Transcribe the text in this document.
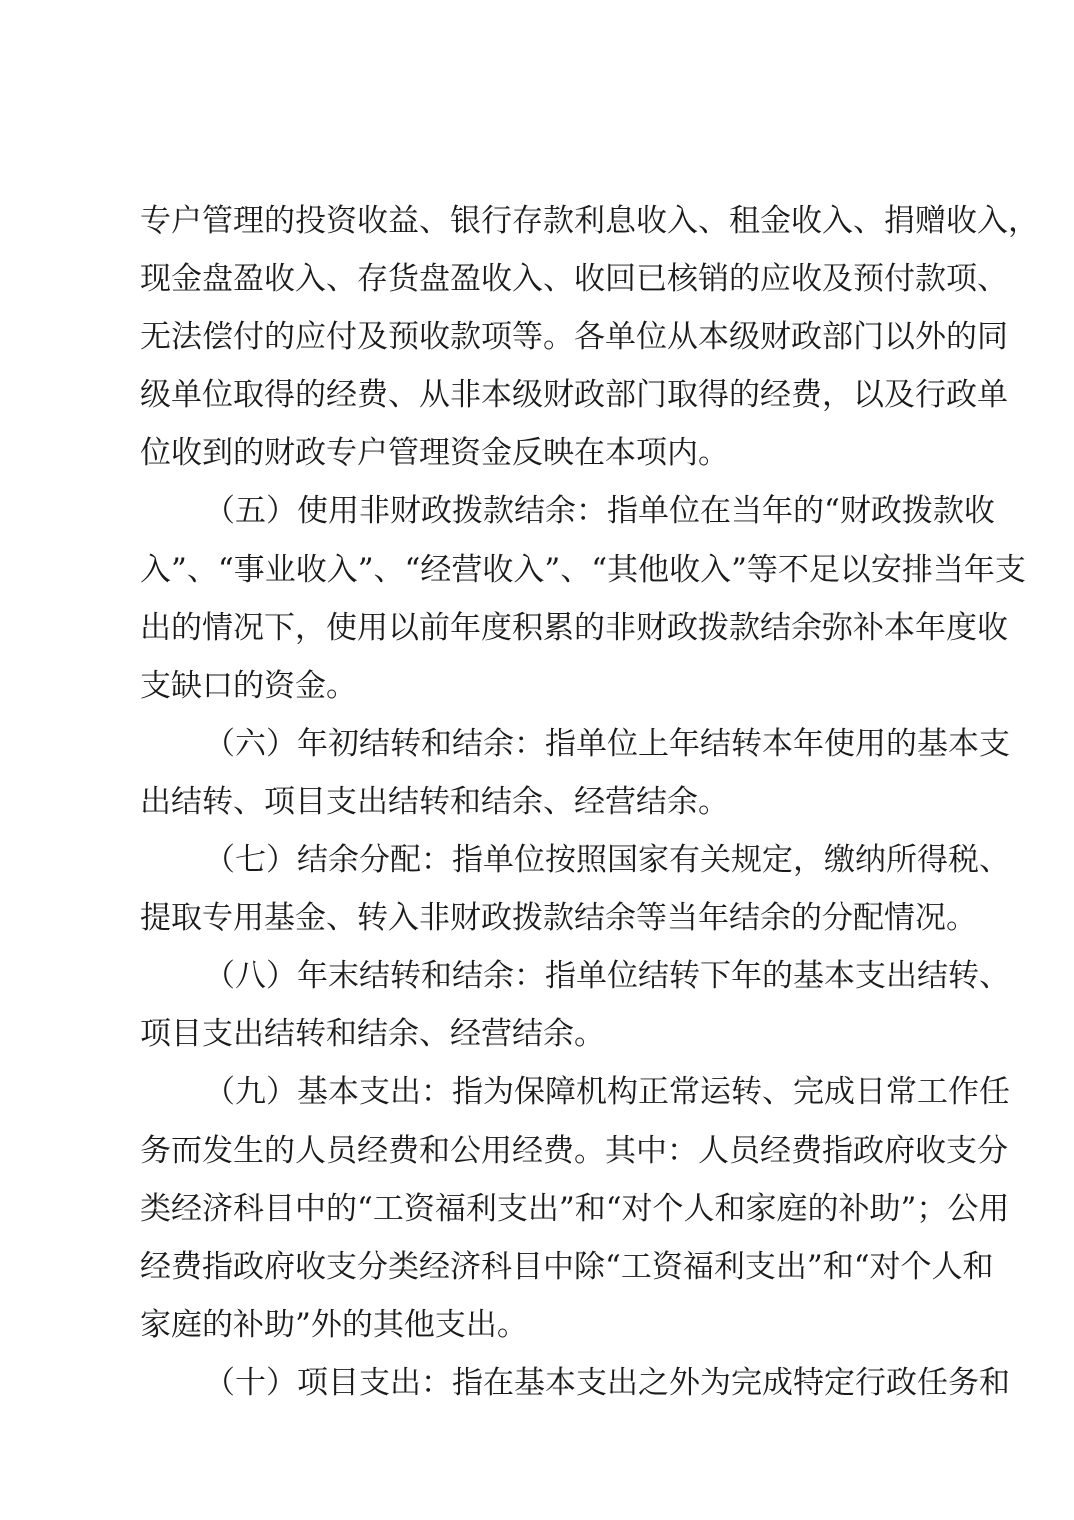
专户管理的投资收益、银行存款利息收入、租金收入、捐赠收入，
现金盘盈收入、存货盘盈收入、收回已核销的应收及预付款项、
无法偿付的应付及预收款项等。各单位从本级财政部门以外的同
级单位取得的经费、从非本级财政部门取得的经费，以及行政单
位收到的财政专户管理资金反映在本项内。
（五）使用非财政拨款结余：指单位在当年的“财政拨款收
入”、“事业收入”、“经营收入”、“其他收入”等不足以安排当年支
出的情况下，使用以前年度积累的非财政拨款结余弥补本年度收
支缺口的资金。
（六）年初结转和结余：指单位上年结转本年使用的基本支
出结转、项目支出结转和结余、经营结余。
（七）结余分配：指单位按照国家有关规定，缴纳所得税、
提取专用基金、转入非财政拨款结余等当年结余的分配情况。
（八）年末结转和结余：指单位结转下年的基本支出结转、
项目支出结转和结余、经营结余。
（九）基本支出：指为保障机构正常运转、完成日常工作任
务而发生的人员经费和公用经费。其中：人员经费指政府收支分
类经济科目中的“工资福利支出”和“对个人和家庭的补助”；公用
经费指政府收支分类经济科目中除“工资福利支出”和“对个人和
家庭的补助”外的其他支出。
（十）项目支出：指在基本支出之外为完成特定行政任务和
